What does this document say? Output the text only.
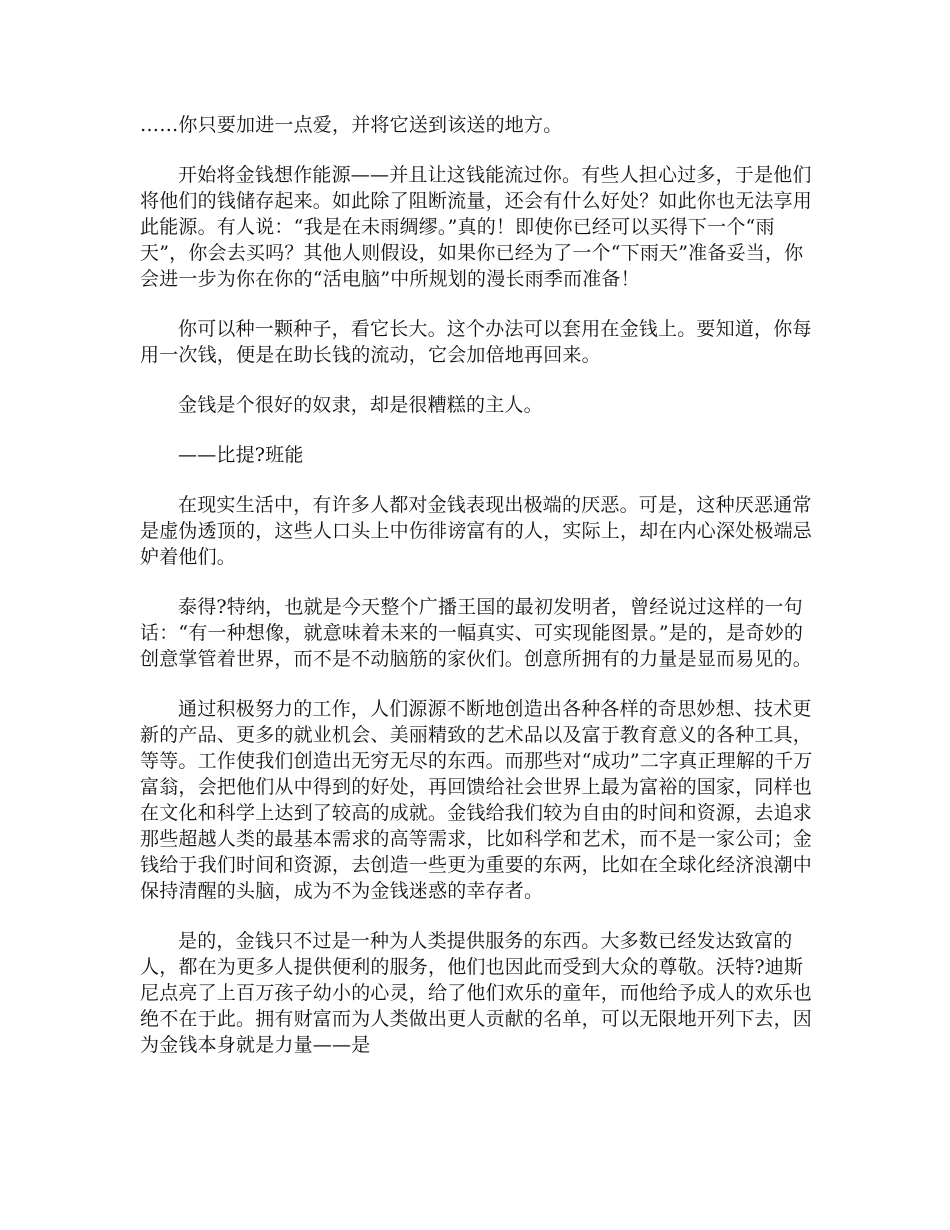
……你只要加进一点爱，并将它送到该送的地方。

开始将金钱想作能源——并且让这钱能流过你。有些人担心过多，于是他们将他们的钱储存起来。如此除了阻断流量，还会有什么好处？如此你也无法享用此能源。有人说：“我是在未雨绸缪。”真的！即使你已经可以买得下一个“雨天”，你会去买吗？其他人则假设，如果你已经为了一个“下雨天”准备妥当，你会进一步为你在你的“活电脑”中所规划的漫长雨季而准备！

你可以种一颗种子，看它长大。这个办法可以套用在金钱上。要知道，你每用一次钱，便是在助长钱的流动，它会加倍地再回来。

金钱是个很好的奴隶，却是很糟糕的主人。

——比提?班能

在现实生活中，有许多人都对金钱表现出极端的厌恶。可是，这种厌恶通常是虚伪透顶的，这些人口头上中伤徘谤富有的人，实际上，却在内心深处极端忌妒着他们。

泰得?特纳，也就是今天整个广播王国的最初发明者，曾经说过这样的一句话：“有一种想像，就意味着未来的一幅真实、可实现能图景。”是的，是奇妙的创意掌管着世界，而不是不动脑筋的家伙们。创意所拥有的力量是显而易见的。

通过积极努力的工作，人们源源不断地创造出各种各样的奇思妙想、技术更新的产品、更多的就业机会、美丽精致的艺术品以及富于教育意义的各种工具，等等。工作使我们创造出无穷无尽的东西。而那些对“成功”二字真正理解的千万富翁，会把他们从中得到的好处，再回馈给社会世界上最为富裕的国家，同样也在文化和科学上达到了较高的成就。金钱给我们较为自由的时间和资源，去追求那些超越人类的最基本需求的高等需求，比如科学和艺术，而不是一家公司；金钱给于我们时间和资源，去创造一些更为重要的东两，比如在全球化经济浪潮中保持清醒的头脑，成为不为金钱迷惑的幸存者。

是的，金钱只不过是一种为人类提供服务的东西。大多数已经发达致富的人，都在为更多人提供便利的服务，他们也因此而受到大众的尊敬。沃特?迪斯尼点亮了上百万孩子幼小的心灵，给了他们欢乐的童年，而他给予成人的欢乐也绝不在于此。拥有财富而为人类做出更人贡献的名单，可以无限地开列下去，因为金钱本身就是力量——是
